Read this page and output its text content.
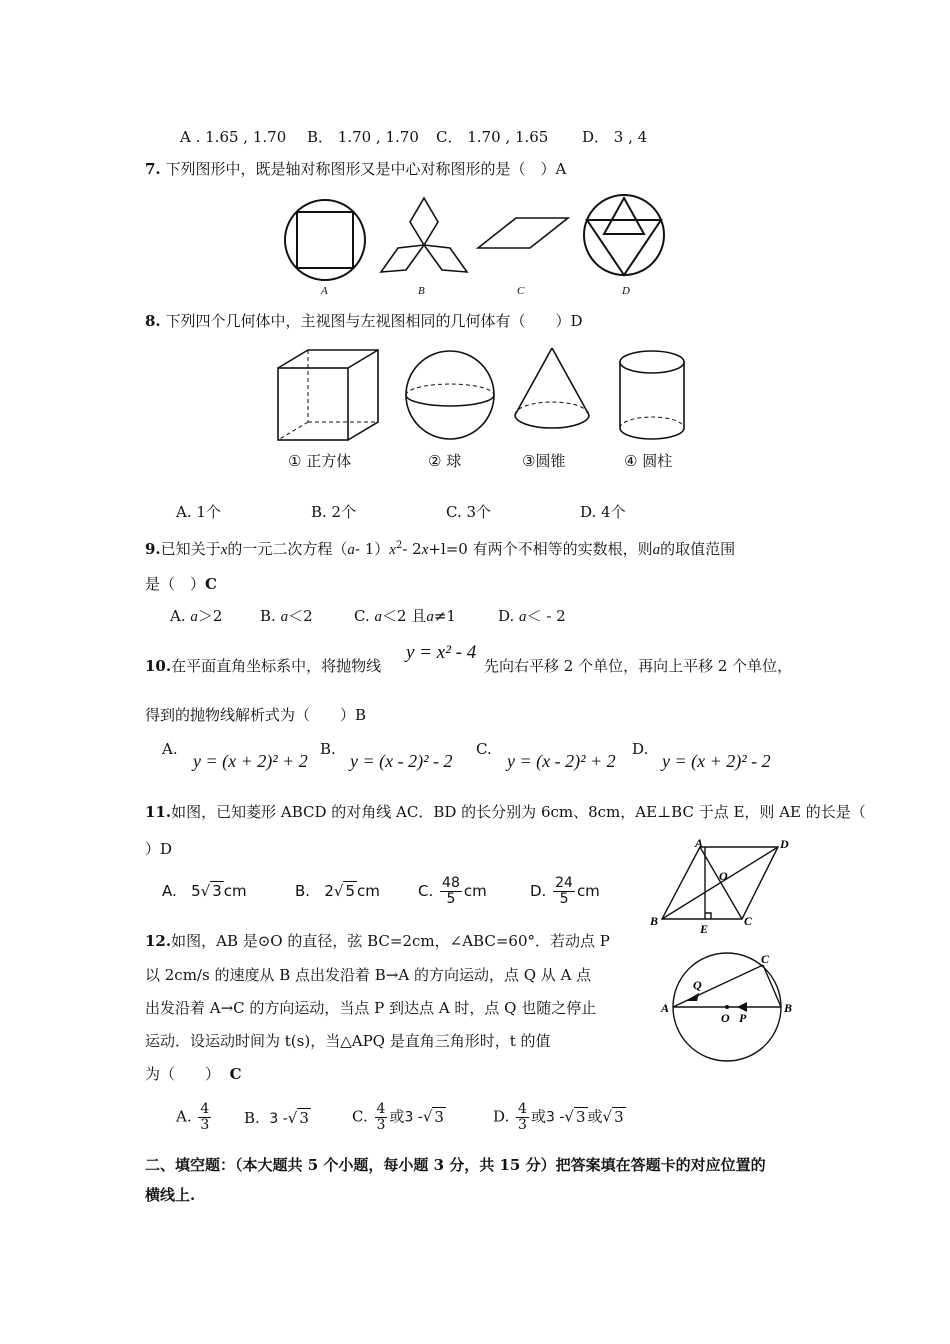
A . 1.65 , 1.70 B． 1.70 , 1.70 C． 1.70 , 1.65 D． 3 , 4
7. 下列图形中，既是轴对称图形又是中心对称图形的是（　）A
A	B	C	D
8. 下列四个几何体中，主视图与左视图相同的几何体有（　　）D
① 正方体	② 球	③圆锥	④ 圆柱
A. 1个	B. 2个	C. 3个	D. 4个
9.已知关于x的一元二次方程（a- $1)x^2-$ 2x+l=0 有两个不相等的实数根，则a的取值范围
是（　）C
A. a＞2	B. a＜2	C. a＜2 且a≠1	D. a＜ - 2
10.在平面直角坐标系中，将抛物线
y = x² - 4
先向右平移 2 个单位，再向上平移 2 个单位，
得到的抛物线解析式为（　　）B
A.
y = (x + 2)² + 2
B.
y = (x - 2)² - 2
C.
y = (x - 2)² + 2
D.
y = (x + 2)² - 2
11.如图，已知菱形 ABCD 的对角线 AC．BD 的长分别为 6cm、8cm，AE⊥BC 于点 E，则 AE 的长是（
）D
A. 5√ 3 cm	B. 2√ 5 cm	C. $\frac{48}{5}$ cm	D. $\frac{24}{5}$ cm
A	D
B	C
E
O
12.如图，AB 是⊙O 的直径，弦 BC=2cm，∠ABC=60°．若动点 P
以 2cm/s 的速度从 B 点出发沿着 B→A 的方向运动，点 Q 从 A 点
出发沿着 A→C 的方向运动，当点 P 到达点 A 时，点 Q 也随之停止
运动．设运动时间为 t(s)，当△APQ 是直角三角形时，t 的值
为（　　） C
A	B
C
Q
O P
A. $\frac{4}{3} B$. 3 -√ 3	C. $\frac{4}{3}$ 或3 -√ 3	D. $\frac{4}{3}$ 或3 -√ 3 或√ 3
二、填空题：（本大题共 5 个小题，每小题 3 分，共 15 分）把答案填在答题卡的对应位置的
横线上.
